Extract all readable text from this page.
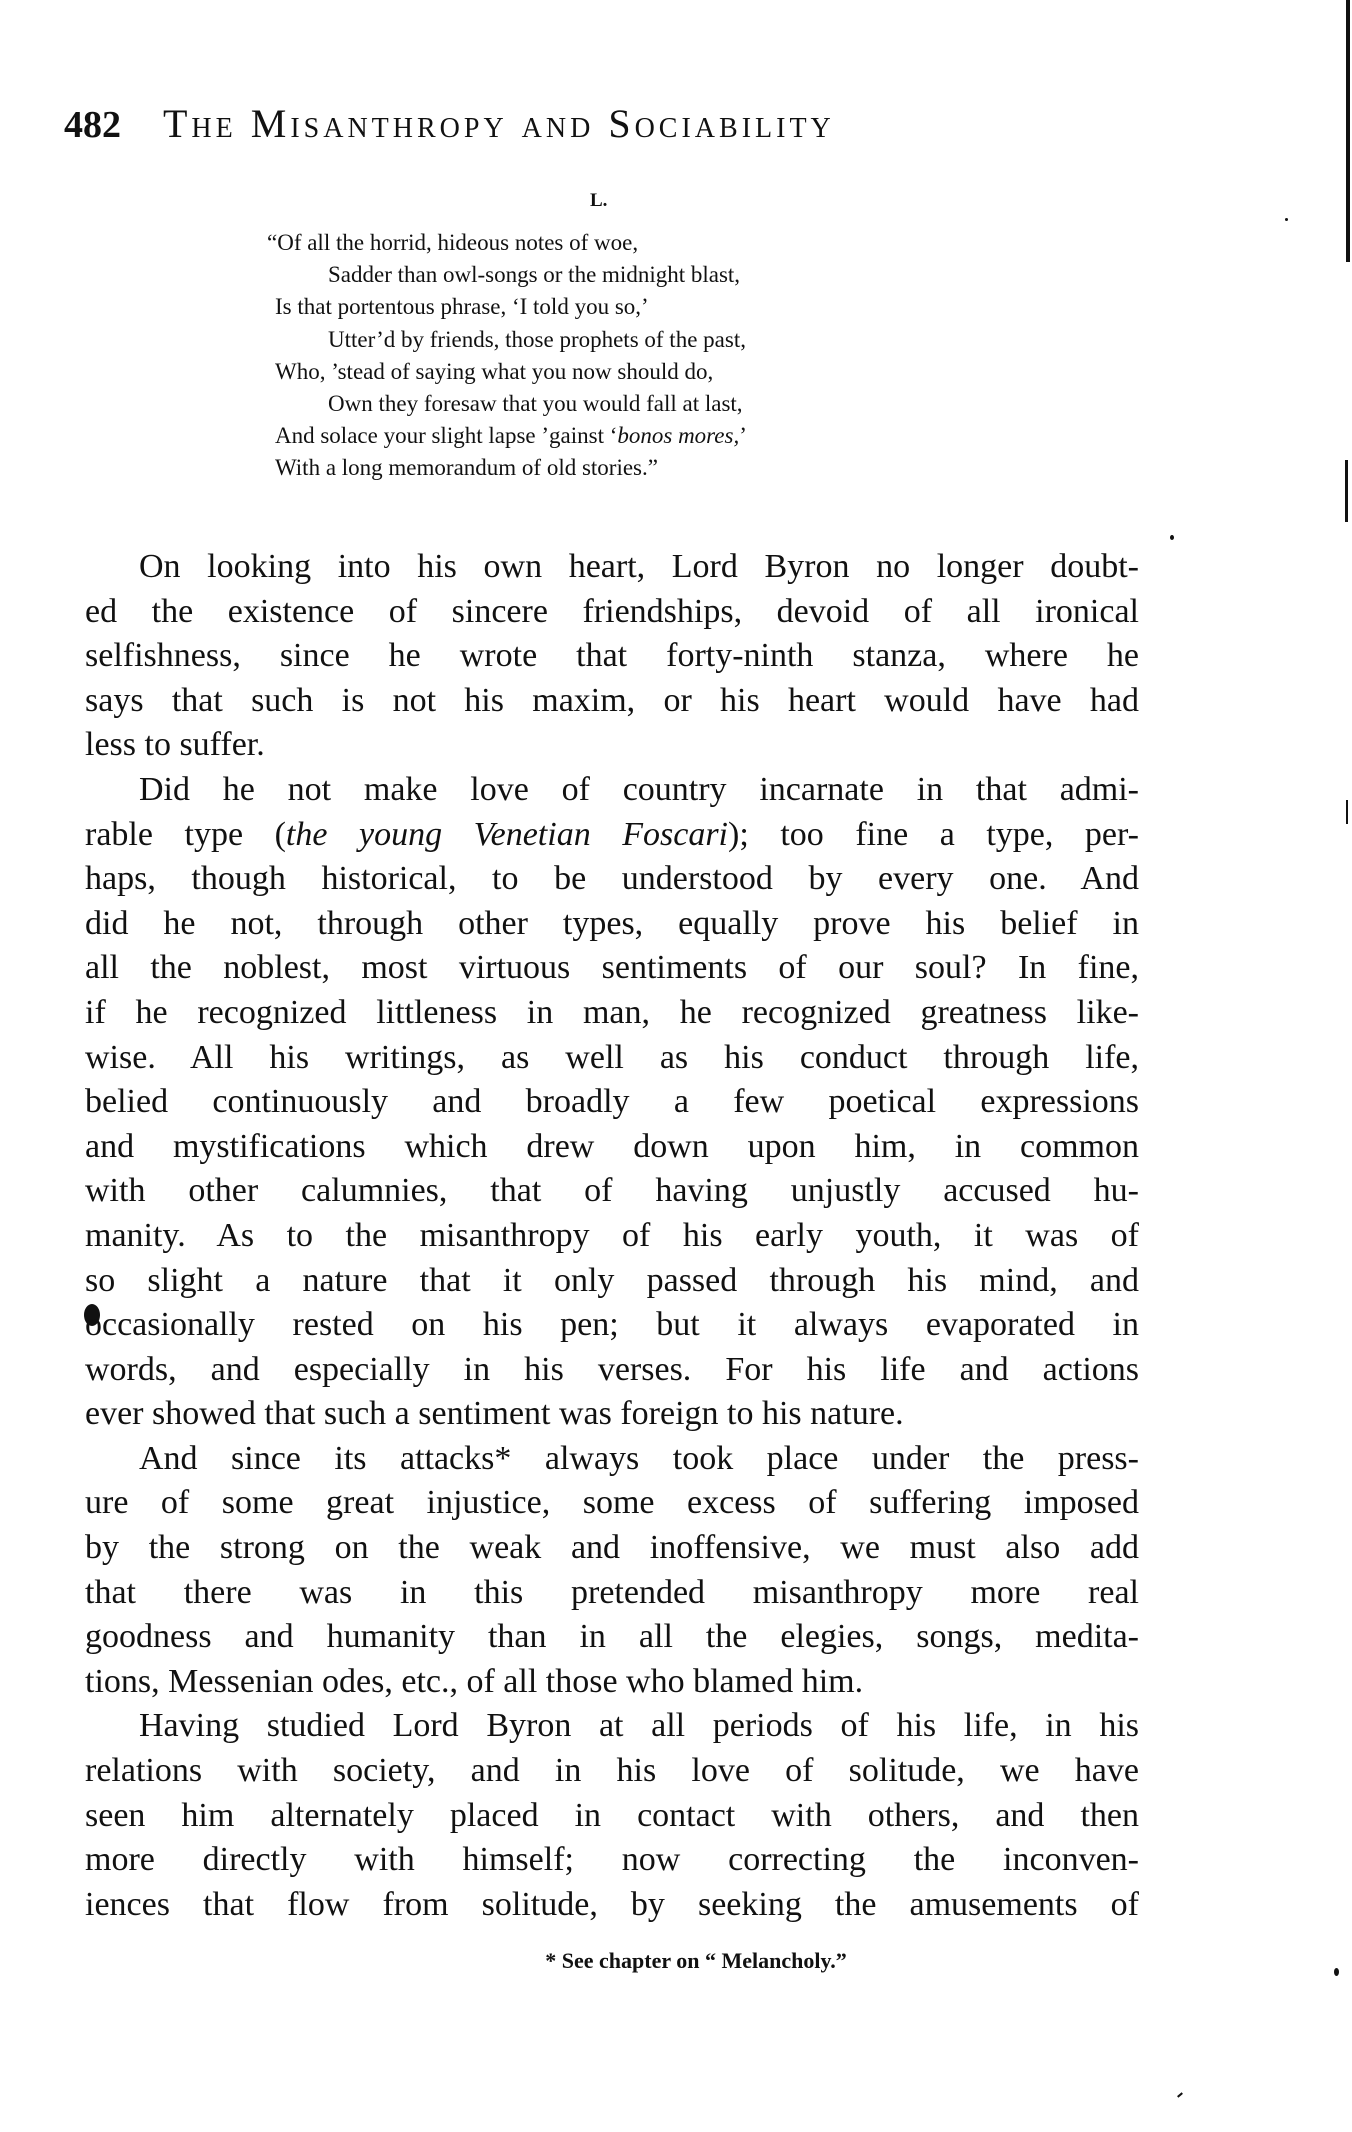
482 The Misanthropy and Sociability
L.
“Of all the horrid, hideous notes of woe,
Sadder than owl-songs or the midnight blast,
Is that portentous phrase, ‘I told you so,’
Utter’d by friends, those prophets of the past,
Who, ’stead of saying what you now should do,
Own they foresaw that you would fall at last,
And solace your slight lapse ’gainst ‘bonos mores,’
With a long memorandum of old stories.”
On looking into his own heart, Lord Byron no longer doubt-
ed the existence of sincere friendships, devoid of all ironical
selfishness, since he wrote that forty-ninth stanza, where he
says that such is not his maxim, or his heart would have had
less to suffer.
Did he not make love of country incarnate in that admi-
rable type (the young Venetian Foscari); too fine a type, per-
haps, though historical, to be understood by every one. And
did he not, through other types, equally prove his belief in
all the noblest, most virtuous sentiments of our soul? In fine,
if he recognized littleness in man, he recognized greatness like-
wise. All his writings, as well as his conduct through life,
belied continuously and broadly a few poetical expressions
and mystifications which drew down upon him, in common
with other calumnies, that of having unjustly accused hu-
manity. As to the misanthropy of his early youth, it was of
so slight a nature that it only passed through his mind, and
occasionally rested on his pen; but it always evaporated in
words, and especially in his verses. For his life and actions
ever showed that such a sentiment was foreign to his nature.
And since its attacks* always took place under the press-
ure of some great injustice, some excess of suffering imposed
by the strong on the weak and inoffensive, we must also add
that there was in this pretended misanthropy more real
goodness and humanity than in all the elegies, songs, medita-
tions, Messenian odes, etc., of all those who blamed him.
Having studied Lord Byron at all periods of his life, in his
relations with society, and in his love of solitude, we have
seen him alternately placed in contact with others, and then
more directly with himself; now correcting the inconven-
iences that flow from solitude, by seeking the amusements of
* See chapter on “ Melancholy.”
